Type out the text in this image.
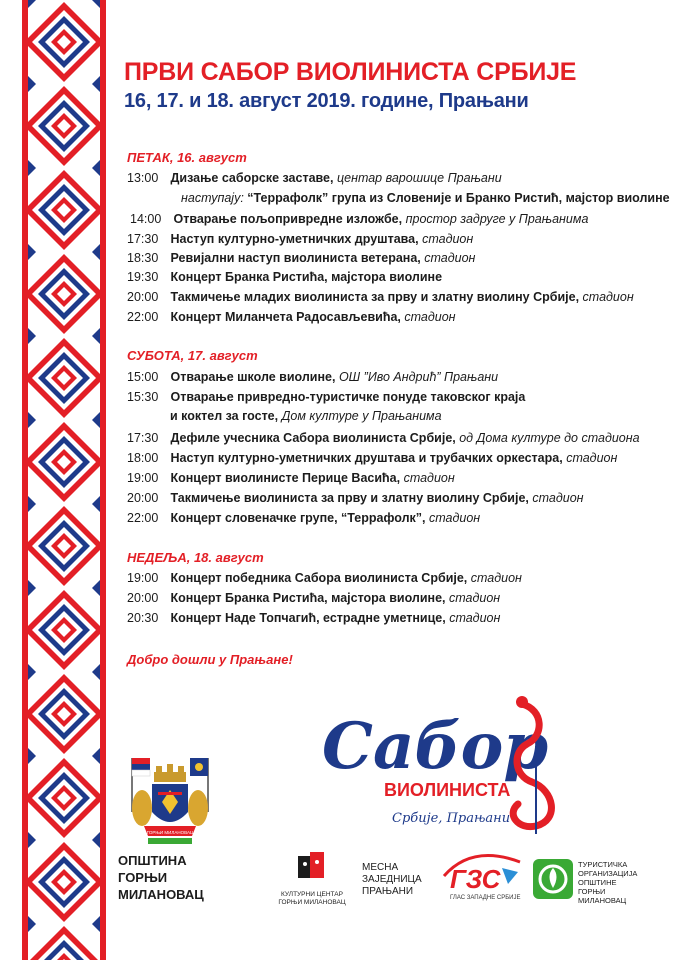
ПРВИ САБОР ВИОЛИНИСТА СРБИЈЕ
16, 17. и 18. август 2019. године, Прањани
ПЕТАК, 16. август
13:00 Дизање саборске заставе, центар варошице Прањани
наступају: “Террафолк” група из Словеније и Бранко Ристић, мајстор виолине
14:00 Отварање пољопривредне изложбе, простор задруге у Прањанима
17:30 Наступ културно-уметничких друштава, стадион
18:30 Ревијални наступ виолиниста ветерана, стадион
19:30 Концерт Бранка Ристића, мајстора виолине
20:00 Такмичење младих виолиниста за прву и златну виолину Србије, стадион
22:00 Концерт Миланчета Радосављевића, стадион
СУБОТА, 17. август
15:00 Отварање школе виолине, ОШ ”Иво Андрић” Прањани
15:30 Отварање привредно-туристичке понуде таковског краја
и коктел за госте, Дом културе у Прањанима
17:30 Дефиле учесника Сабора виолиниста Србије, од Дома културе до стадиона
18:00 Наступ културно-уметничких друштава и трубачких оркестара, стадион
19:00 Концерт виолинисте Перице Васића, стадион
20:00 Такмичење виолиниста за прву и златну виолину Србије, стадион
22:00 Концерт словеначке групе, “Террафолк”, стадион
НЕДЕЉА, 18. август
19:00 Концерт победника Сабора виолиниста Србије, стадион
20:00 Концерт Бранка Ристића, мајстора виолине, стадион
20:30 Концерт Наде Топчагић, естрадне уметнице, стадион
Добро дошли у Прањане!
Сабор
ВИОЛИНИСТА
Србије, Прањани
ГОРЊИ МИЛАНОВАЦ
ОПШТИНА
ГОРЊИ
МИЛАНОВАЦ	КУЛТУРНИ ЦЕНТАР
ГОРЊИ МИЛАНОВАЦ
МЕСНА
ЗАЈЕДНИЦА
ПРАЊАНИ	ГЗС
ГЛАС ЗАПАДНЕ СРБИЈЕ
ТУРИСТИЧКА
ОРГАНИЗАЦИЈА
ОПШТИНЕ
ГОРЊИ
МИЛАНОВАЦ
